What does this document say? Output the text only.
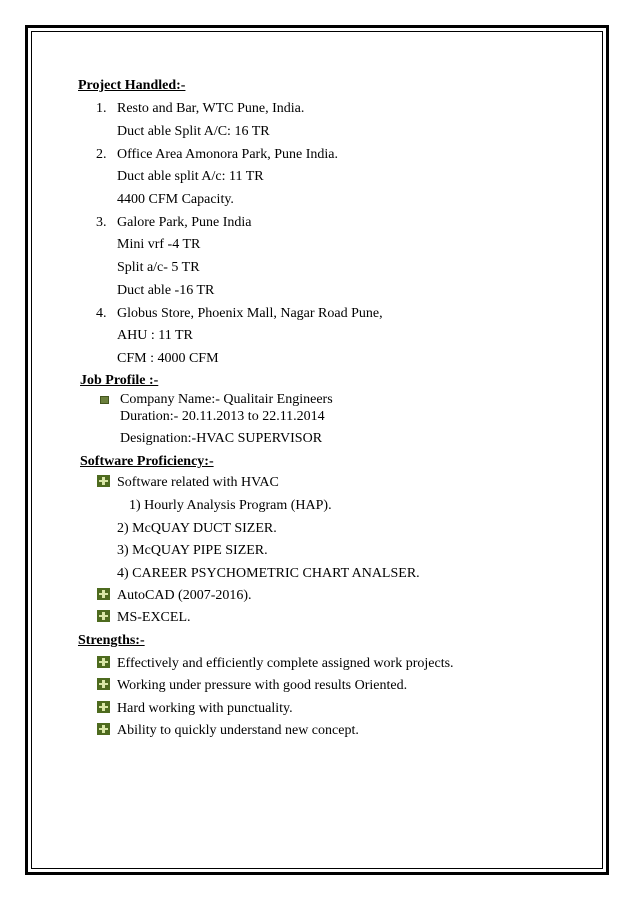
Project Handled:-
1. Resto and Bar, WTC Pune, India.
Duct able Split A/C: 16 TR
2. Office Area Amonora Park, Pune India.
Duct able split A/c: 11 TR
4400 CFM Capacity.
3. Galore Park, Pune India
Mini vrf -4 TR
Split a/c- 5 TR
Duct able -16 TR
4. Globus Store, Phoenix Mall, Nagar Road Pune,
AHU : 11 TR
CFM : 4000 CFM
Job Profile :-
Company Name:- Qualitair Engineers
Duration:- 20.11.2013 to 22.11.2014
Designation:-HVAC SUPERVISOR
Software Proficiency:-
Software related with HVAC
1) Hourly Analysis Program (HAP).
2) McQUAY DUCT SIZER.
3) McQUAY PIPE SIZER.
4) CAREER PSYCHOMETRIC CHART ANALSER.
AutoCAD (2007-2016).
MS-EXCEL.
Strengths:-
Effectively and efficiently complete assigned work projects.
Working under pressure with good results Oriented.
Hard working with punctuality.
Ability to quickly understand new concept.
